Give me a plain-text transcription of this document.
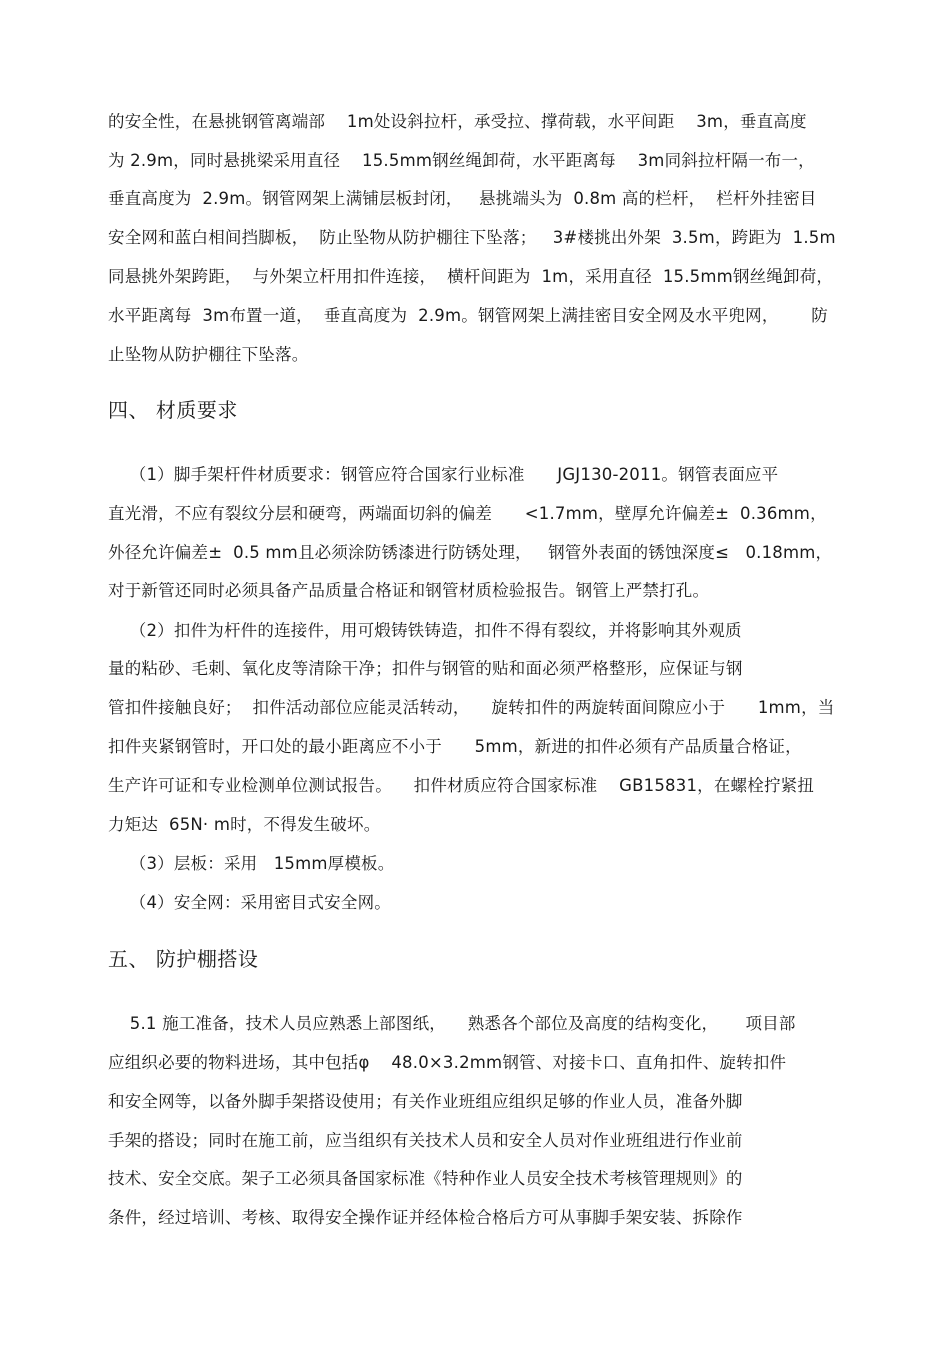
的安全性，在悬挑钢管离端部    1m处设斜拉杆，承受拉、撑荷载，水平间距    3m，垂直高度
为 2.9m，同时悬挑梁采用直径    15.5mm钢丝绳卸荷，水平距离每    3m同斜拉杆隔一布一，
垂直高度为  2.9m。钢管网架上满铺层板封闭，   悬挑端头为  0.8m 高的栏杆，  栏杆外挂密目
安全网和蓝白相间挡脚板，  防止坠物从防护棚往下坠落；   3#楼挑出外架  3.5m，跨距为  1.5m
同悬挑外架跨距，  与外架立杆用扣件连接，  横杆间距为  1m，采用直径  15.5mm钢丝绳卸荷，
水平距离每  3m布置一道，  垂直高度为  2.9m。钢管网架上满挂密目安全网及水平兜网，      防
止坠物从防护棚往下坠落。
四、 材质要求
（1）脚手架杆件材质要求：钢管应符合国家行业标准      JGJ130-2011。钢管表面应平
直光滑，不应有裂纹分层和硬弯，两端面切斜的偏差      <1.7mm，壁厚允许偏差±  0.36mm，
外径允许偏差±  0.5 mm且必须涂防锈漆进行防锈处理，   钢管外表面的锈蚀深度≤   0.18mm，
对于新管还同时必须具备产品质量合格证和钢管材质检验报告。钢管上严禁打孔。
（2）扣件为杆件的连接件，用可煅铸铁铸造，扣件不得有裂纹，并将影响其外观质
量的粘砂、毛刺、氧化皮等清除干净；扣件与钢管的贴和面必须严格整形，应保证与钢
管扣件接触良好；  扣件活动部位应能灵活转动，    旋转扣件的两旋转面间隙应小于      1mm，当
扣件夹紧钢管时，开口处的最小距离应不小于      5mm，新进的扣件必须有产品质量合格证，
生产许可证和专业检测单位测试报告。    扣件材质应符合国家标准    GB15831，在螺栓拧紧扭
力矩达  65N· m时，不得发生破坏。
（3）层板：采用   15mm厚模板。
（4）安全网：采用密目式安全网。
五、 防护棚搭设
5.1 施工准备，技术人员应熟悉上部图纸，    熟悉各个部位及高度的结构变化，     项目部
应组织必要的物料进场，其中包括φ    48.0×3.2mm钢管、对接卡口、直角扣件、旋转扣件
和安全网等，以备外脚手架搭设使用；有关作业班组应组织足够的作业人员，准备外脚
手架的搭设；同时在施工前，应当组织有关技术人员和安全人员对作业班组进行作业前
技术、安全交底。架子工必须具备国家标准《特种作业人员安全技术考核管理规则》的
条件，经过培训、考核、取得安全操作证并经体检合格后方可从事脚手架安装、拆除作
